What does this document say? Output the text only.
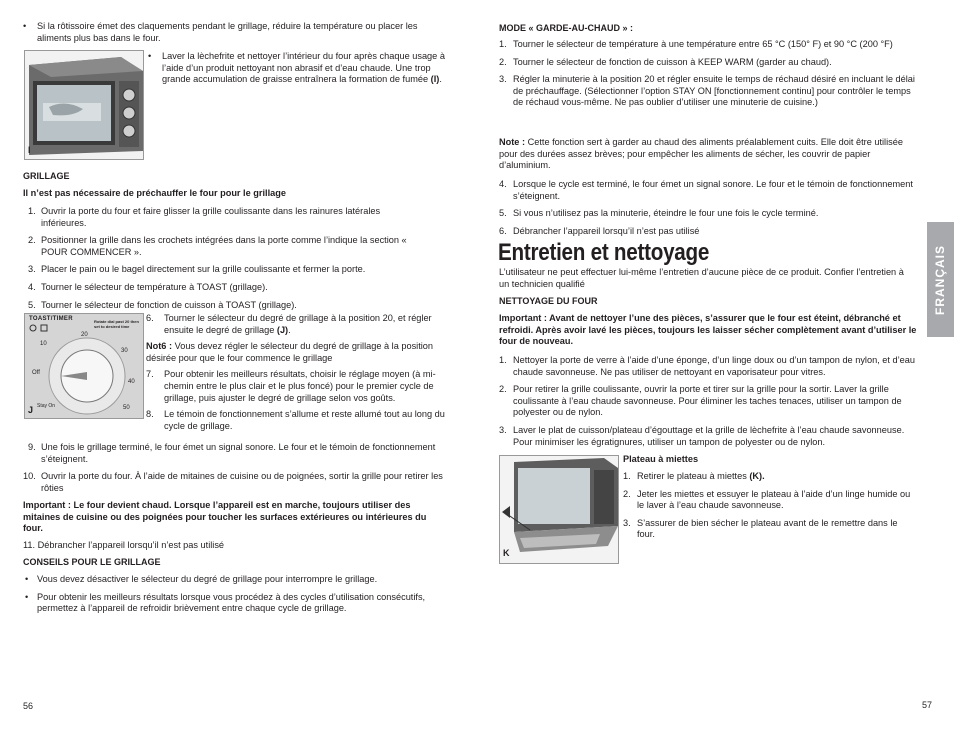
•	Si la rôtissoire émet des claquements pendant le grillage, réduire la température ou placer les aliments plus bas dans le four.
I
•	Laver la lèchefrite et nettoyer l’intérieur du four après chaque usage à l’aide d’un produit nettoyant non abrasif et d’eau chaude. Une trop grande accumulation de graisse entraînera la formation de fumée (I).
GRILLAGE
Il n’est pas nécessaire de préchauffer le four pour le grillage
1. Ouvrir la porte du four et faire glisser la grille coulissante dans les rainures latérales inférieures.
2. Positionner la grille dans les crochets intégrées dans la porte comme l’indique la section « POUR COMMENCER ».
3. Placer le pain ou le bagel directement sur la grille coulissante et fermer la porte.
4. Tourner le sélecteur de température à TOAST (grillage).
5. Tourner le sélecteur de fonction de cuisson à TOAST (grillage).
TOAST/TIMER	Rotate dial past 20 then set to desired time
10
20
30
40
50
Off
Stay On
J
6.	Tourner le sélecteur du degré de grillage à la position 20, et régler ensuite le degré de grillage (J).
Not6 : Vous devez régler le sélecteur du degré de grillage à la position désirée pour que le four commence le grillage
7.	Pour obtenir les meilleurs résultats, choisir le réglage moyen (à mi-chemin entre le plus clair et le plus foncé) pour le premier cycle de grillage, puis ajuster le degré de grillage selon vos goûts.
8.	Le témoin de fonctionnement s’allume et reste allumé tout au long du cycle de grillage.
9. Une fois le grillage terminé, le four émet un signal sonore. Le four et le témoin de fonctionnement s’éteignent.
10. Ouvrir la porte du four. À l’aide de mitaines de cuisine ou de poignées, sortir la grille pour retirer les rôties
Important : Le four devient chaud. Lorsque l’appareil est en marche, toujours utiliser des mitaines de cuisine ou des poignées pour toucher les surfaces extérieures ou intérieures du four.
11. Débrancher l’appareil lorsqu’il n’est pas utilisé
CONSEILS POUR LE GRILLAGE
• Vous devez désactiver le sélecteur du degré de grillage pour interrompre le grillage.
• Pour obtenir les meilleurs résultats lorsque vous procédez à des cycles d’utilisation consécutifs, permettez à l’appareil de refroidir brièvement entre chaque cycle de grillage.
56
MODE « GARDE-AU-CHAUD » :
1. Tourner le sélecteur de température à une température entre 65 °C (150° F) et 90 °C (200 °F)
2. Tourner le sélecteur de fonction de cuisson à KEEP WARM (garder au chaud).
3. Régler la minuterie à la position 20 et régler ensuite le temps de réchaud désiré en incluant le délai de préchauffage. (Sélectionner l’option STAY ON [fonctionnement continu] pour contrôler le temps de réchaud vous-même. Ne pas oublier d’utiliser une minuterie de cuisine.)
Note : Cette fonction sert à garder au chaud des aliments préalablement cuits. Elle doit être utilisée pour des durées assez brèves; pour empêcher les aliments de sécher, les couvrir de papier d’aluminium.
4. Lorsque le cycle est terminé, le four émet un signal sonore. Le four et le témoin de fonctionnement s’éteignent.
5. Si vous n’utilisez pas la minuterie, éteindre le four une fois le cycle terminé.
6. Débrancher l’appareil lorsqu’il n’est pas utilisé
Entretien et nettoyage
L’utilisateur ne peut effectuer lui-même l’entretien d’aucune pièce de ce produit. Confier l’entretien à un technicien qualifié
NETTOYAGE DU FOUR
Important : Avant de nettoyer l’une des pièces, s’assurer que le four est éteint, débranché et refroidi. Après avoir lavé les pièces, toujours les laisser sécher complètement avant d’utiliser le four de nouveau.
1. Nettoyer la porte de verre à l’aide d’une éponge, d’un linge doux ou d’un tampon de nylon, et d’eau chaude savonneuse. Ne pas utiliser de nettoyant en vaporisateur pour vitres.
2. Pour retirer la grille coulissante, ouvrir la porte et tirer sur la grille pour la sortir. Laver la grille coulissante à l’eau chaude savonneuse. Pour éliminer les taches tenaces, utiliser un tampon de polyester ou de nylon.
3. Laver le plat de cuisson/plateau d’égouttage et la grille de lèchefrite à l’eau chaude savonneuse. Pour minimiser les égratignures, utiliser un tampon de polyester ou de nylon.
K
Plateau à miettes
1. Retirer le plateau à miettes (K).
2. Jeter les miettes et essuyer le plateau à l’aide d’un linge humide ou le laver à l’eau chaude savonneuse.
3. S’assurer de bien sécher le plateau avant de le remettre dans le four.
FRANÇAIS
57
